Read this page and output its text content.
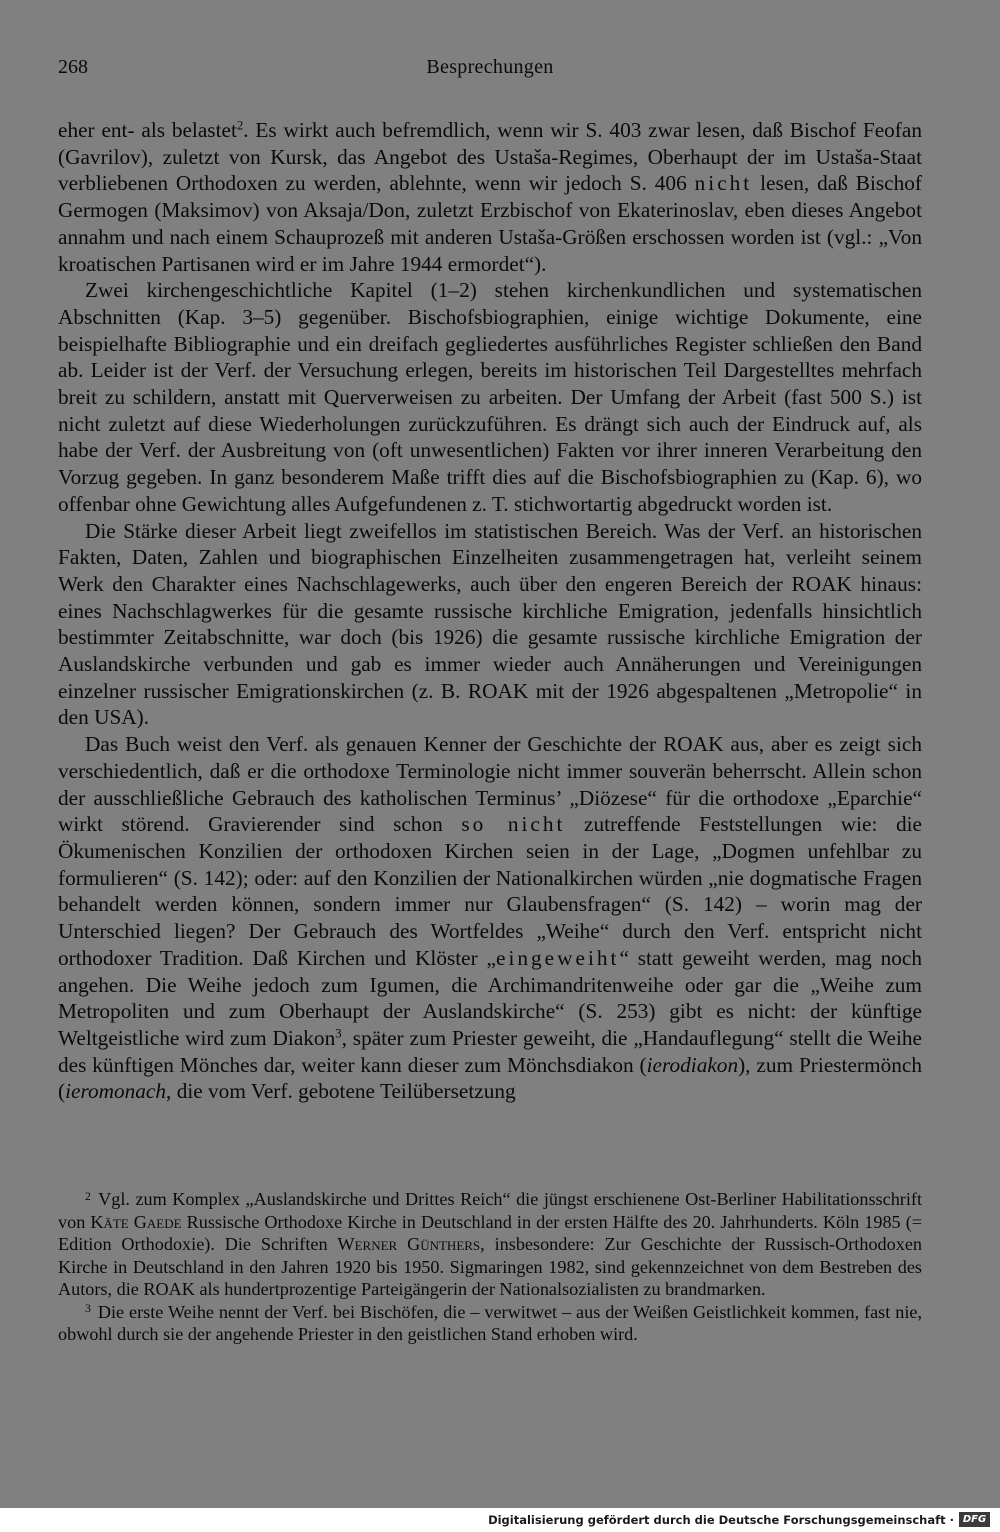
268	Besprechungen

eher ent- als belastet$^2$. Es wirkt auch befremdlich, wenn wir S. 403 zwar lesen, daß Bischof Feofan (Gavrilov), zuletzt von Kursk, das Angebot des Ustaša-Regimes, Oberhaupt der im Ustaša-Staat verbliebenen Orthodoxen zu werden, ablehnte, wenn wir jedoch S. 406 nicht lesen, daß Bischof Germogen (Maksimov) von Aksaja/Don, zuletzt Erzbischof von Ekaterinoslav, eben dieses Angebot annahm und nach einem Schauprozeß mit anderen Ustaša-Größen erschossen worden ist (vgl.: „Von kroatischen Partisanen wird er im Jahre 1944 ermordet“).

Zwei kirchengeschichtliche Kapitel (1–2) stehen kirchenkundlichen und systematischen Abschnitten (Kap. 3–5) gegenüber. Bischofsbiographien, einige wichtige Dokumente, eine beispielhafte Bibliographie und ein dreifach gegliedertes ausführliches Register schließen den Band ab. Leider ist der Verf. der Versuchung erlegen, bereits im historischen Teil Dargestelltes mehrfach breit zu schildern, anstatt mit Querverweisen zu arbeiten. Der Umfang der Arbeit (fast 500 S.) ist nicht zuletzt auf diese Wiederholungen zurückzuführen. Es drängt sich auch der Eindruck auf, als habe der Verf. der Ausbreitung von (oft unwesentlichen) Fakten vor ihrer inneren Verarbeitung den Vorzug gegeben. In ganz besonderem Maße trifft dies auf die Bischofsbiographien zu (Kap. 6), wo offenbar ohne Gewichtung alles Aufgefundenen z. T. stichwortartig abgedruckt worden ist.

Die Stärke dieser Arbeit liegt zweifellos im statistischen Bereich. Was der Verf. an historischen Fakten, Daten, Zahlen und biographischen Einzelheiten zusammengetragen hat, verleiht seinem Werk den Charakter eines Nachschlagewerks, auch über den engeren Bereich der ROAK hinaus: eines Nachschlagwerkes für die gesamte russische kirchliche Emigration, jedenfalls hinsichtlich bestimmter Zeitabschnitte, war doch (bis 1926) die gesamte russische kirchliche Emigration der Auslandskirche verbunden und gab es immer wieder auch Annäherungen und Vereinigungen einzelner russischer Emigrationskirchen (z. B. ROAK mit der 1926 abgespaltenen „Metropolie“ in den USA).

Das Buch weist den Verf. als genauen Kenner der Geschichte der ROAK aus, aber es zeigt sich verschiedentlich, daß er die orthodoxe Terminologie nicht immer souverän beherrscht. Allein schon der ausschließliche Gebrauch des katholischen Terminus’ „Diözese“ für die orthodoxe „Eparchie“ wirkt störend. Gravierender sind schon so nicht zutreffende Feststellungen wie: die Ökumenischen Konzilien der orthodoxen Kirchen seien in der Lage, „Dogmen unfehlbar zu formulieren“ (S. 142); oder: auf den Konzilien der Nationalkirchen würden „nie dogmatische Fragen behandelt werden können, sondern immer nur Glaubensfragen“ (S. 142) – worin mag der Unterschied liegen? Der Gebrauch des Wortfeldes „Weihe“ durch den Verf. entspricht nicht orthodoxer Tradition. Daß Kirchen und Klöster „eingeweiht“ statt geweiht werden, mag noch angehen. Die Weihe jedoch zum Igumen, die Archimandritenweihe oder gar die „Weihe zum Metropoliten und zum Oberhaupt der Auslandskirche“ (S. 253) gibt es nicht: der künftige Weltgeistliche wird zum Diakon$^3$, später zum Priester geweiht, die „Handauflegung“ stellt die Weihe des künftigen Mönches dar, weiter kann dieser zum Mönchsdiakon (ierodiakon), zum Priestermönch (ieromonach, die vom Verf. gebotene Teilübersetzung

$^2$ Vgl. zum Komplex „Auslandskirche und Drittes Reich“ die jüngst erschienene Ost-Berliner Habilitationsschrift von Käte Gaede Russische Orthodoxe Kirche in Deutschland in der ersten Hälfte des 20. Jahrhunderts. Köln 1985 (= Edition Orthodoxie). Die Schriften Werner Günthers, insbesondere: Zur Geschichte der Russisch-Orthodoxen Kirche in Deutschland in den Jahren 1920 bis 1950. Sigmaringen 1982, sind gekennzeichnet von dem Bestreben des Autors, die ROAK als hundertprozentige Parteigängerin der Nationalsozialisten zu brandmarken.

$^3$ Die erste Weihe nennt der Verf. bei Bischöfen, die – verwitwet – aus der Weißen Geistlichkeit kommen, fast nie, obwohl durch sie der angehende Priester in den geistlichen Stand erhoben wird.

Digitalisierung gefördert durch die Deutsche Forschungsgemeinschaft · DFG
